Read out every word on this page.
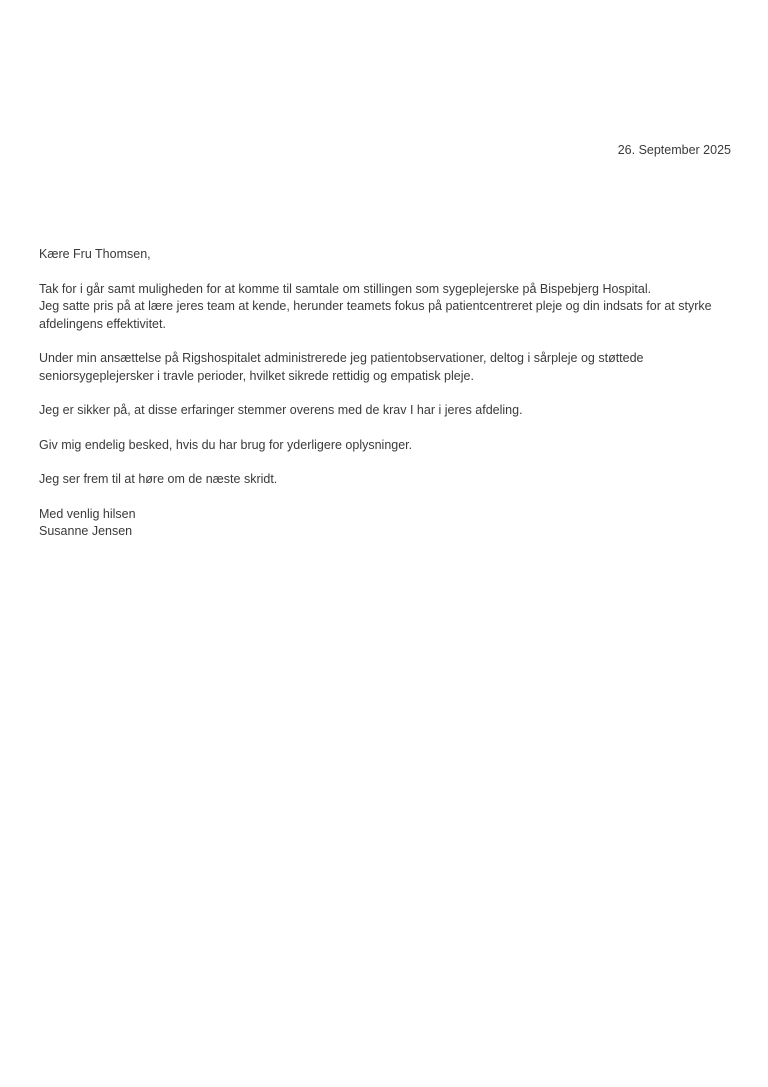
26. September 2025

Kære Fru Thomsen,

Tak for i går samt muligheden for at komme til samtale om stillingen som sygeplejerske på Bispebjerg Hospital.
Jeg satte pris på at lære jeres team at kende, herunder teamets fokus på patientcentreret pleje og din indsats for at styrke afdelingens effektivitet.

Under min ansættelse på Rigshospitalet administrerede jeg patientobservationer, deltog i sårpleje og støttede seniorsygeplejersker i travle perioder, hvilket sikrede rettidig og empatisk pleje.

Jeg er sikker på, at disse erfaringer stemmer overens med de krav I har i jeres afdeling.

Giv mig endelig besked, hvis du har brug for yderligere oplysninger.

Jeg ser frem til at høre om de næste skridt.

Med venlig hilsen
Susanne Jensen
